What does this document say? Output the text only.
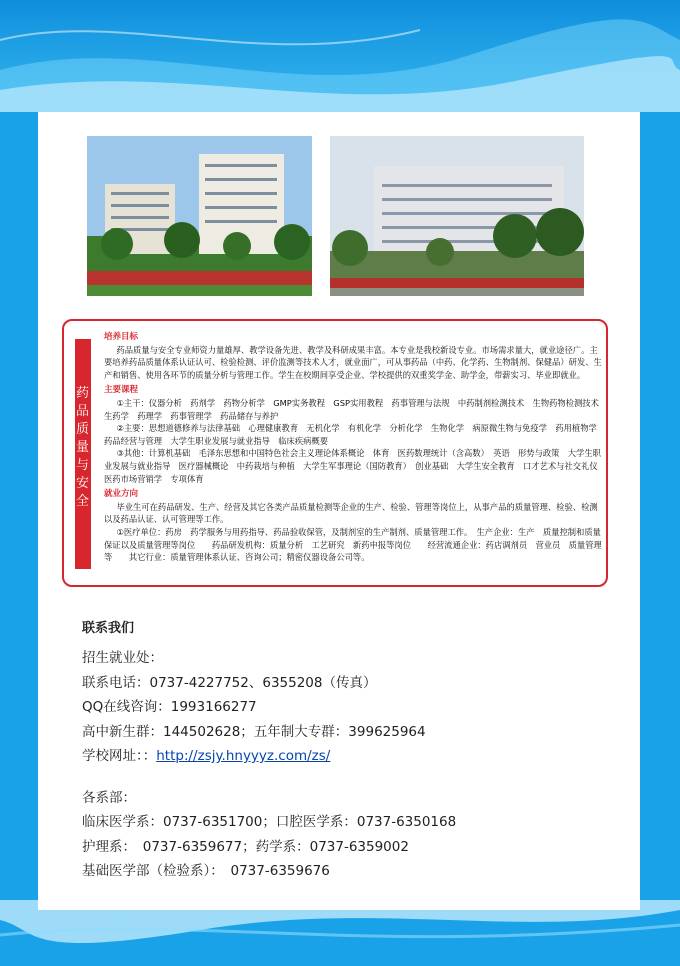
药品质量与安全

培养目标

药品质量与安全专业师资力量雄厚、教学设备先进、教学及科研成果丰富。本专业是我校新设专业。市场需求量大，就业途径广。主要培养药品质量体系认证认可、检验检测、评价监测等技术人才，就业面广，可从事药品（中药、化学药、生物制剂、保健品）研发、生产和销售、使用各环节的质量分析与管理工作。学生在校期间享受企业、学校提供的双重奖学金、助学金，带薪实习、毕业即就业。

主要课程

①主干：仪器分析　药剂学　药物分析学　GMP实务教程　GSP实用教程　药事管理与法规　中药制剂检测技术　生物药物检测技术　生药学　药理学　药事管理学　药品储存与养护

②主要：思想道德修养与法律基础　心理健康教育　无机化学　有机化学　分析化学　生物化学　病原微生物与免疫学　药用植物学　药品经营与管理　大学生职业发展与就业指导　临床疾病概要

③其他：计算机基础　毛泽东思想和中国特色社会主义理论体系概论　体育　医药数理统计（含高数）　英语　形势与政策　大学生职业发展与就业指导　医疗器械概论　中药栽培与种植　大学生军事理论（国防教育）　创业基础　大学生安全教育　口才艺术与社交礼仪　医药市场营销学　专项体育

就业方向

毕业生可在药品研发、生产、经营及其它各类产品质量检测等企业的生产、检验、管理等岗位上，从事产品的质量管理、检验、检测以及药品认证、认可管理等工作。

①医疗单位：药房　药学服务与用药指导、药品验收保管，及制剂室的生产制剂、质量管理工作。　生产企业：生产　质量控制和质量保证以及质量管理等岗位　　药品研发机构：质量分析　工艺研究　新药申报等岗位　　经营流通企业：药店调剂员　营业员　质量管理等　　其它行业：质量管理体系认证、咨询公司；精密仪器设备公司等。

联系我们

招生就业处：

联系电话：0737-4227752、6355208（传真）

QQ在线咨询：1993166277

高中新生群：144502628；五年制大专群：399625964

学校网址：：http://zsjy.hnyyyz.com/zs/

各系部：

临床医学系：0737-6351700；口腔医学系：0737-6350168

护理系：　0737-6359677；药学系：0737-6359002

基础医学部（检验系）：　0737-6359676
